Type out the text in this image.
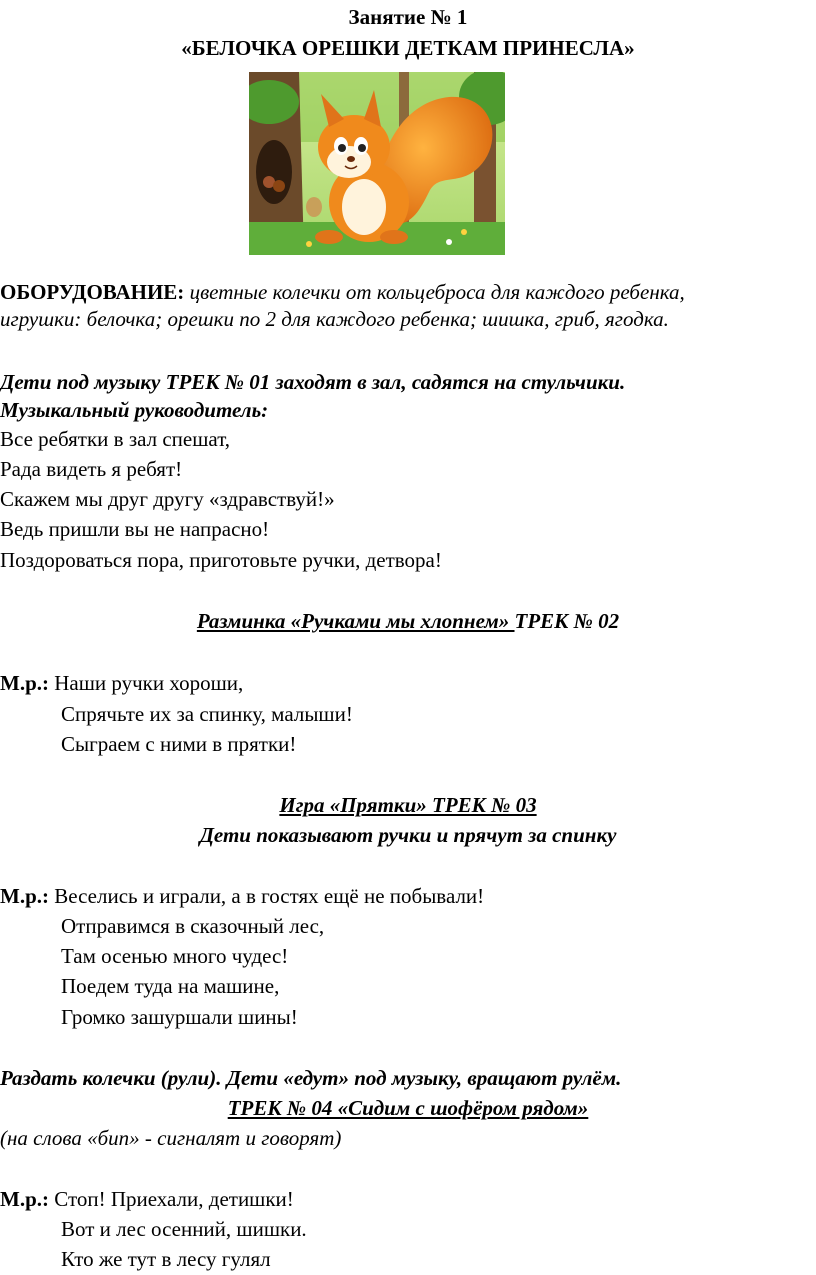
Занятие № 1
«БЕЛОЧКА ОРЕШКИ ДЕТКАМ ПРИНЕСЛА»
ОБОРУДОВАНИЕ: цветные колечки от кольцеброса для каждого ребенка,
игрушки: белочка; орешки по 2 для каждого ребенка; шишка, гриб, ягодка.
Дети под музыку ТРЕК № 01 заходят в зал, садятся на стульчики.
Музыкальный руководитель:
Все ребятки в зал спешат,
Рада видеть я ребят!
Скажем мы друг другу «здравствуй!»
Ведь пришли вы не напрасно!
Поздороваться пора, приготовьте ручки, детвора!
Разминка «Ручками мы хлопнем» ТРЕК № 02
М.р.: Наши ручки хороши,
Спрячьте их за спинку, малыши!
Сыграем с ними в прятки!
Игра «Прятки» ТРЕК № 03
Дети показывают ручки и прячут за спинку
М.р.: Веселись и играли, а в гостях ещё не побывали!
Отправимся в сказочный лес,
Там осенью много чудес!
Поедем туда на машине,
Громко зашуршали шины!
Раздать колечки (рули). Дети «едут» под музыку, вращают рулём.
ТРЕК № 04 «Сидим с шофёром рядом»
(на слова «бип» - сигналят и говорят)
М.р.: Стоп! Приехали, детишки!
Вот и лес осенний, шишки.
Кто же тут в лесу гулял
